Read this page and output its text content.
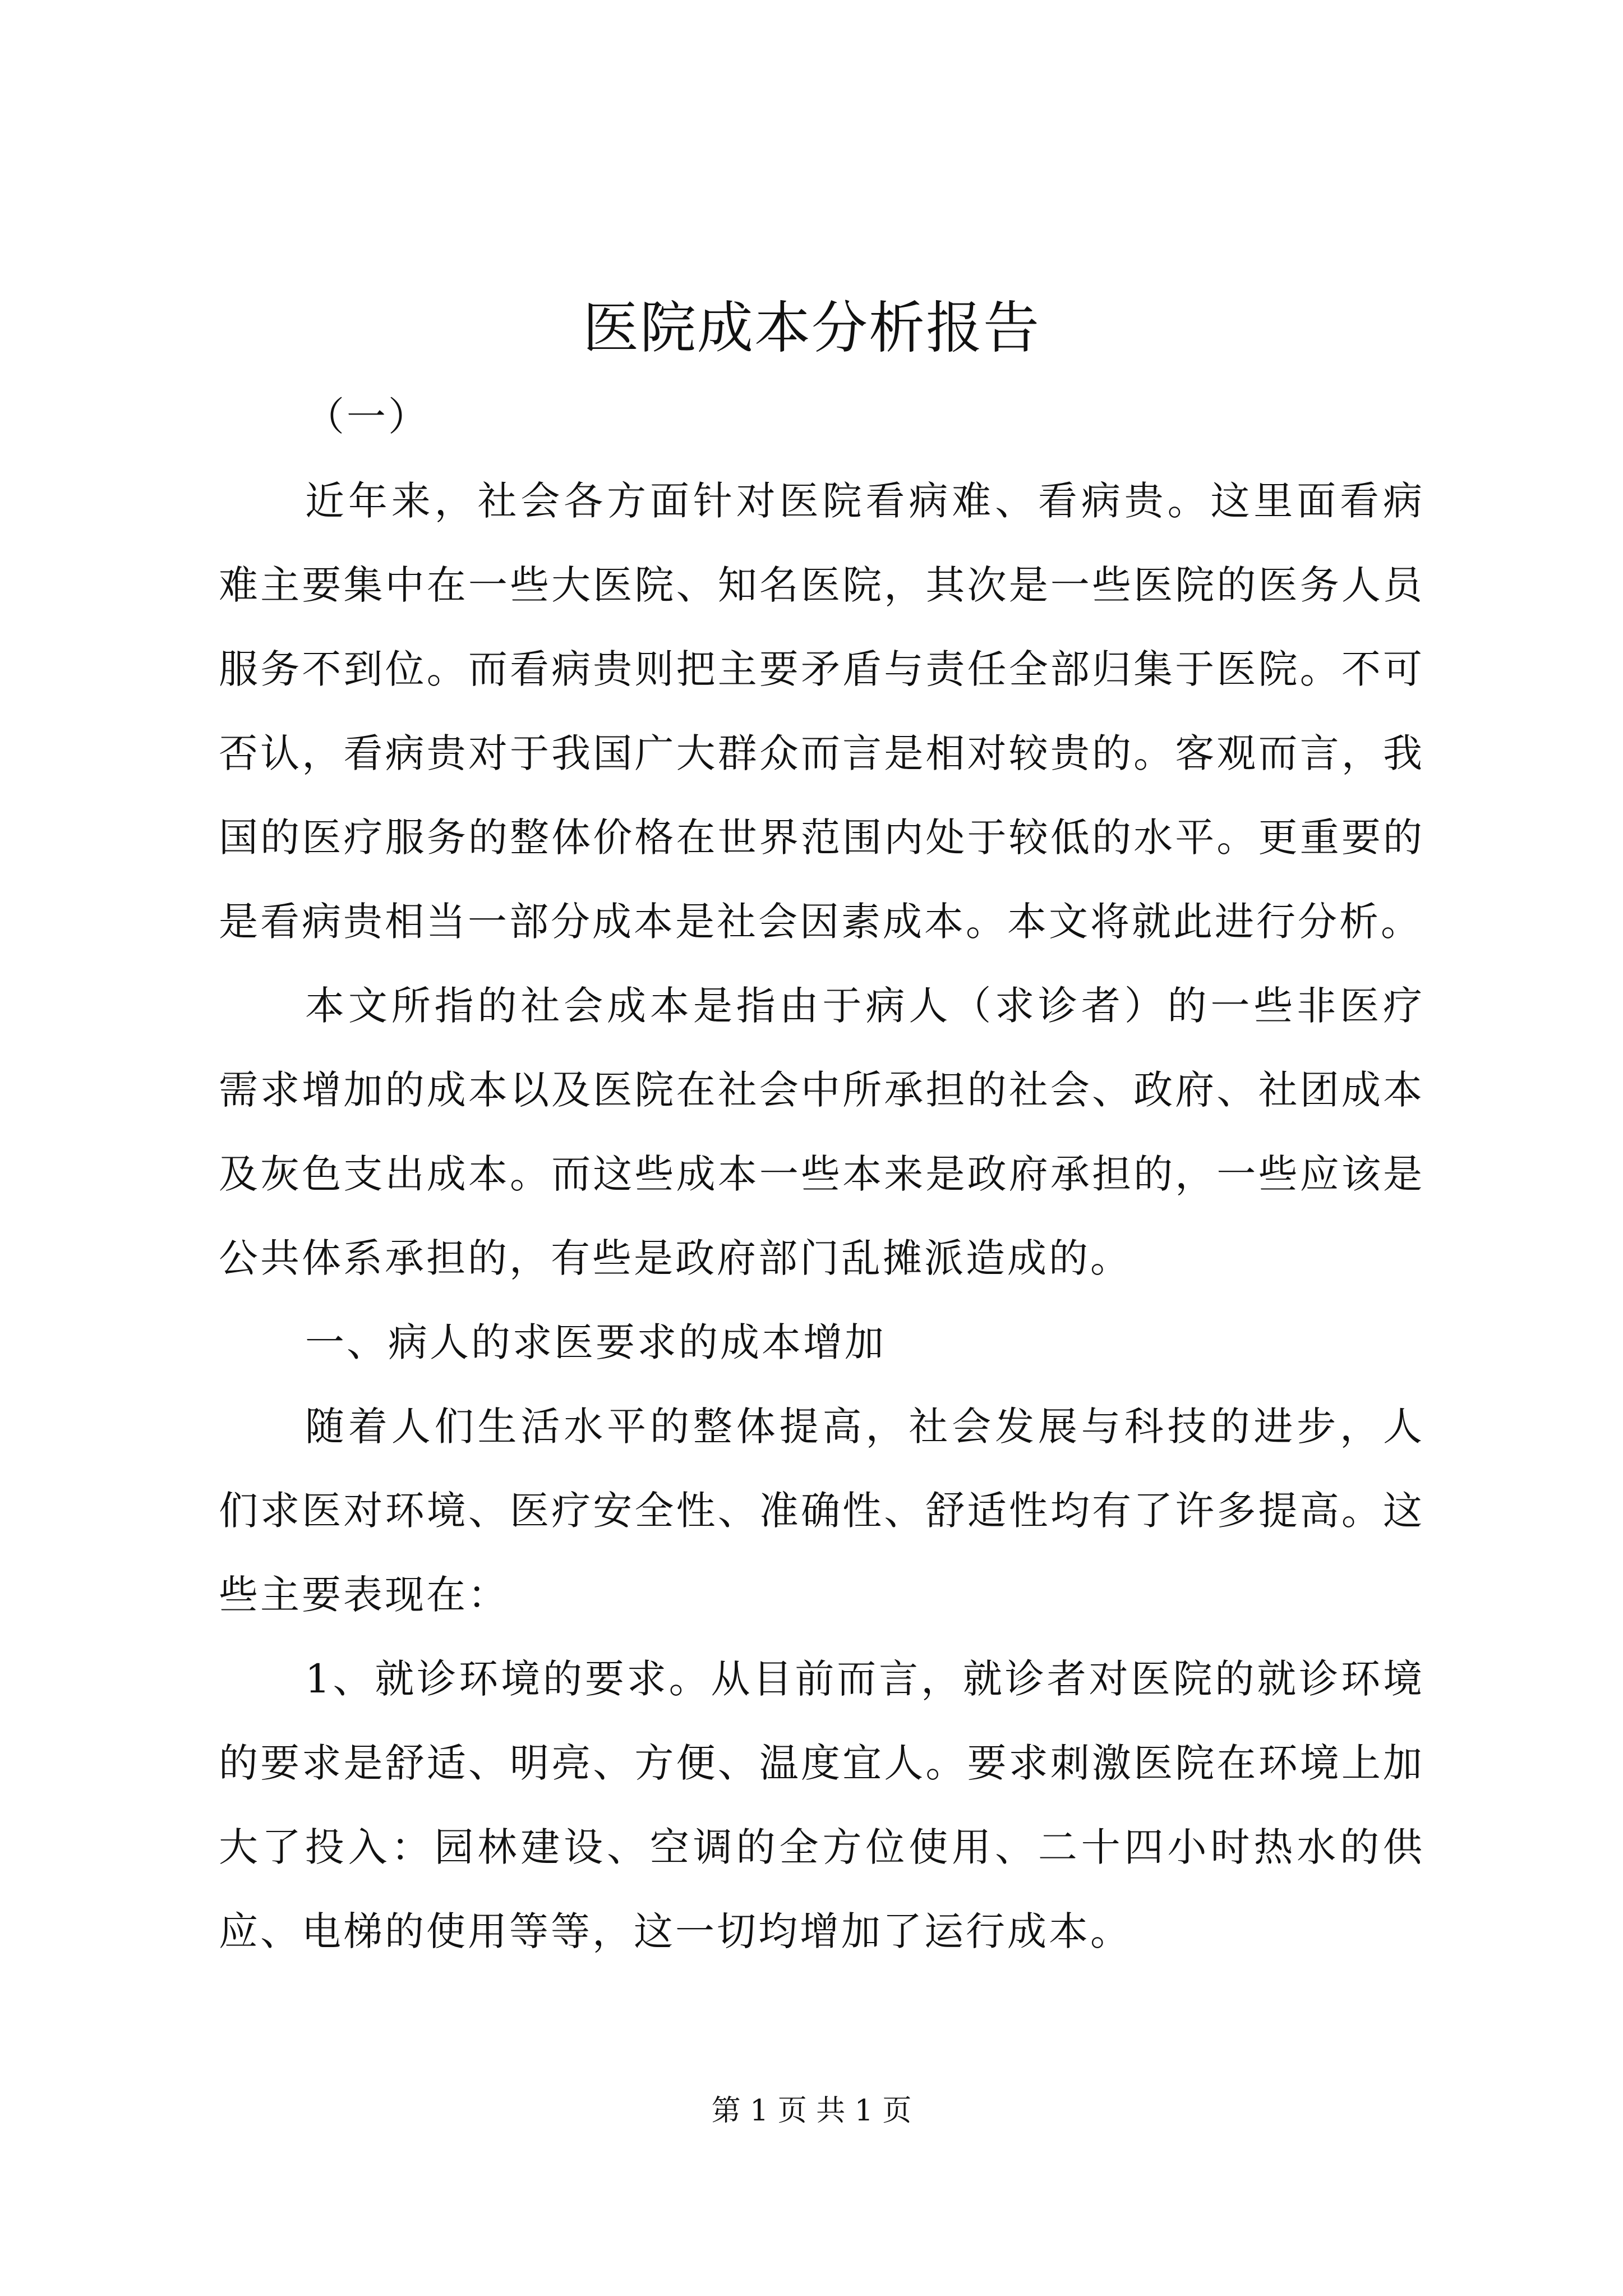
医院成本分析报告

（一）

近年来，社会各方面针对医院看病难、看病贵。这里面看病难主要集中在一些大医院、知名医院，其次是一些医院的医务人员服务不到位。而看病贵则把主要矛盾与责任全部归集于医院。不可否认，看病贵对于我国广大群众而言是相对较贵的。客观而言，我国的医疗服务的整体价格在世界范围内处于较低的水平。更重要的是看病贵相当一部分成本是社会因素成本。本文将就此进行分析。

本文所指的社会成本是指由于病人（求诊者）的一些非医疗需求增加的成本以及医院在社会中所承担的社会、政府、社团成本及灰色支出成本。而这些成本一些本来是政府承担的，一些应该是公共体系承担的，有些是政府部门乱摊派造成的。

一、病人的求医要求的成本增加

随着人们生活水平的整体提高，社会发展与科技的进步，人们求医对环境、医疗安全性、准确性、舒适性均有了许多提高。这些主要表现在：

1、就诊环境的要求。从目前而言，就诊者对医院的就诊环境的要求是舒适、明亮、方便、温度宜人。要求刺激医院在环境上加大了投入：园林建设、空调的全方位使用、二十四小时热水的供应、电梯的使用等等，这一切均增加了运行成本。

第 1 页 共 1 页
